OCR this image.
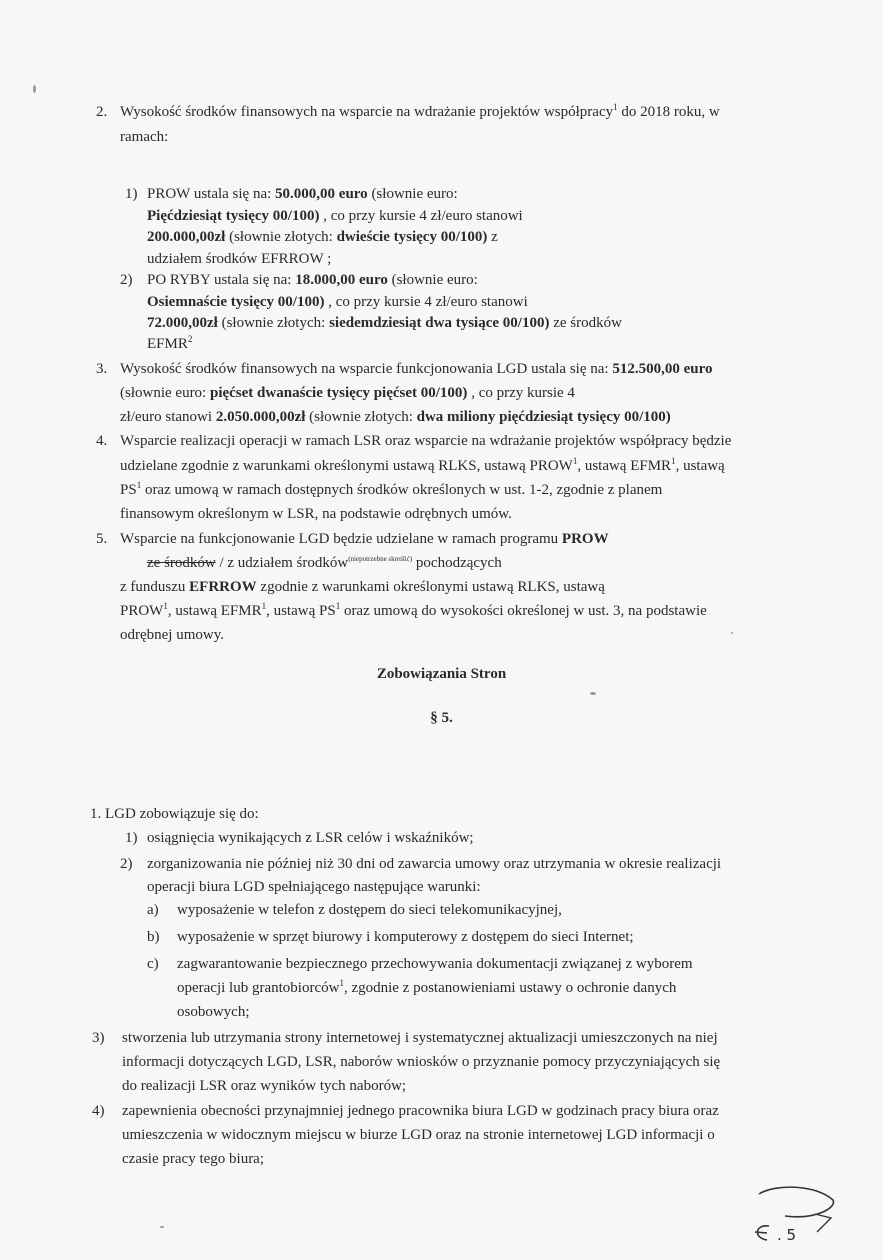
2. Wysokość środków finansowych na wsparcie na wdrażanie projektów współpracy$^1$ do 2018 roku, w
ramach:
1) PROW ustala się na: 50.000,00 euro (słownie euro:
Pięćdziesiąt tysięcy 00/100) , co przy kursie 4 zł/euro stanowi
200.000,00zł (słownie złotych: dwieście tysięcy 00/100) z
udziałem środków EFRROW ;
2) PO RYBY ustala się na: 18.000,00 euro (słownie euro:
Osiemnaście tysięcy 00/100) , co przy kursie 4 zł/euro stanowi
72.000,00zł (słownie złotych: siedemdziesiąt dwa tysiące 00/100) ze środków
EFMR$^2$
3. Wysokość środków finansowych na wsparcie funkcjonowania LGD ustala się na: 512.500,00 euro
(słownie euro: pięćset dwanaście tysięcy pięćset 00/100) , co przy kursie 4
zł/euro stanowi 2.050.000,00zł (słownie złotych: dwa miliony pięćdziesiąt tysięcy 00/100)
4. Wsparcie realizacji operacji w ramach LSR oraz wsparcie na wdrażanie projektów współpracy będzie
udzielane zgodnie z warunkami określonymi ustawą RLKS, ustawą PROW$^1$, ustawą EFMR$^1$, ustawą
$PS^1$ oraz umową w ramach dostępnych środków określonych w ust. 1-2, zgodnie z planem
finansowym określonym w LSR, na podstawie odrębnych umów.
5. Wsparcie na funkcjonowanie LGD będzie udzielane w ramach programu PROW
ze środków / z udziałem środków$^{(niepotrzebne skreślić)}$ pochodzących
z funduszu EFRROW zgodnie z warunkami określonymi ustawą RLKS, ustawą
PROW$^1$, ustawą EFMR$^1$, ustawą $PS^1$ oraz umową do wysokości określonej w ust. 3, na podstawie
odrębnej umowy.
Zobowiązania Stron
§ 5.
1. LGD zobowiązuje się do:
1) osiągnięcia wynikających z LSR celów i wskaźników;
2) zorganizowania nie później niż 30 dni od zawarcia umowy oraz utrzymania w okresie realizacji
operacji biura LGD spełniającego następujące warunki:
a) wyposażenie w telefon z dostępem do sieci telekomunikacyjnej,
b) wyposażenie w sprzęt biurowy i komputerowy z dostępem do sieci Internet;
c) zagwarantowanie bezpiecznego przechowywania dokumentacji związanej z wyborem
operacji lub grantobiorców$^1$, zgodnie z postanowieniami ustawy o ochronie danych
osobowych;
3) stworzenia lub utrzymania strony internetowej i systematycznej aktualizacji umieszczonych na niej
informacji dotyczących LGD, LSR, naborów wniosków o przyznanie pomocy przyczyniających się
do realizacji LSR oraz wyników tych naborów;
4) zapewnienia obecności przynajmniej jednego pracownika biura LGD w godzinach pracy biura oraz
umieszczenia w widocznym miejscu w biurze LGD oraz na stronie internetowej LGD informacji o
czasie pracy tego biura;
. 5
